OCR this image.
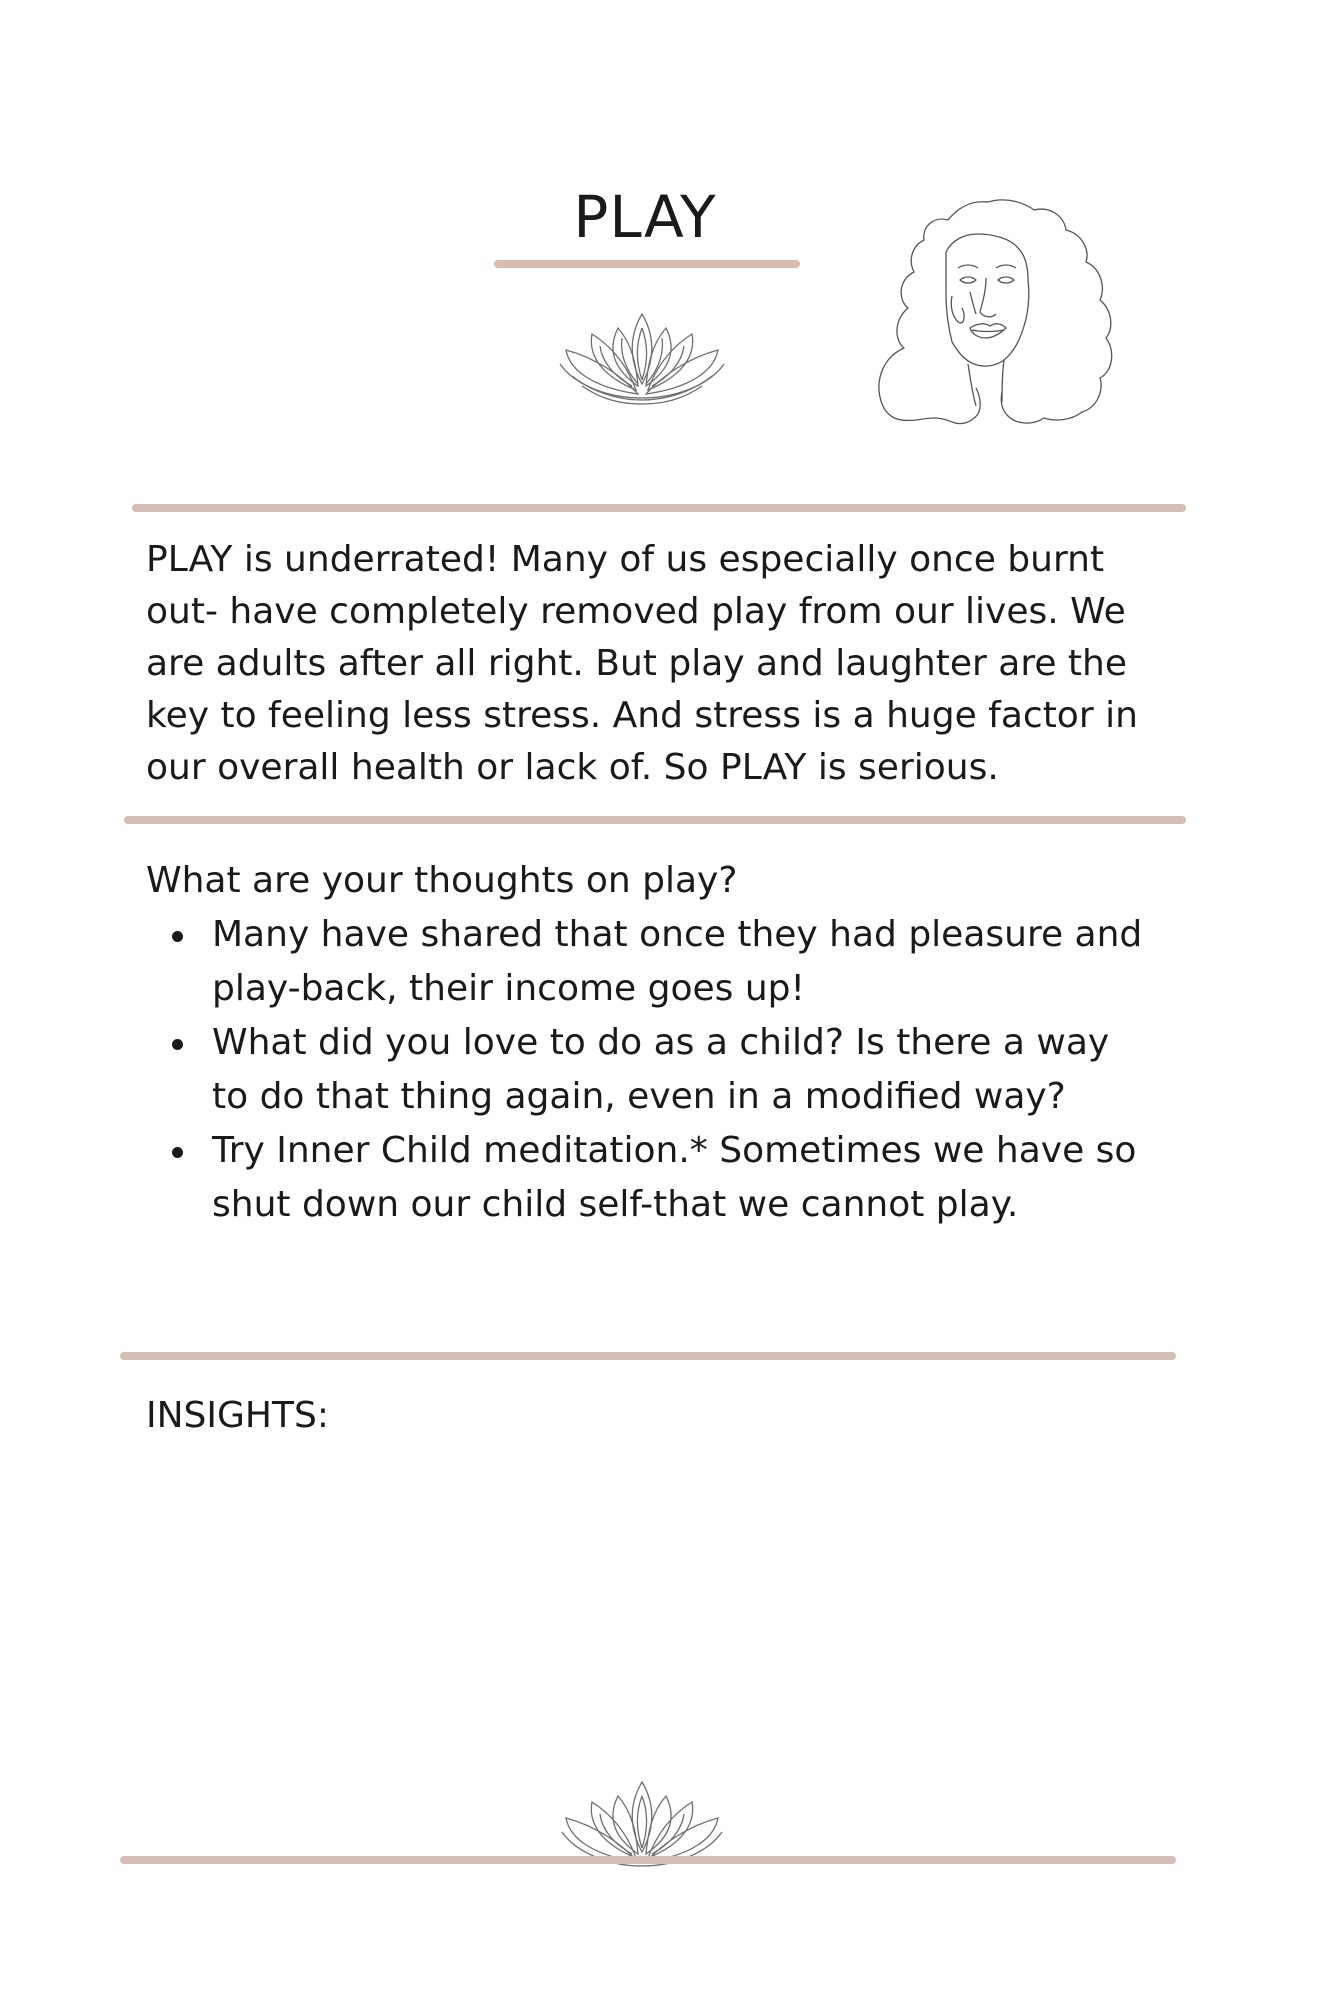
PLAY

PLAY is underrated! Many of us especially once burnt out- have completely removed play from our lives. We are adults after all right. But play and laughter are the key to feeling less stress. And stress is a huge factor in our overall health or lack of. So PLAY is serious.

What are your thoughts on play?

Many have shared that once they had pleasure and play-back, their income goes up!
What did you love to do as a child? Is there a way to do that thing again, even in a modified way?
Try Inner Child meditation.* Sometimes we have so shut down our child self-that we cannot play.

INSIGHTS:
